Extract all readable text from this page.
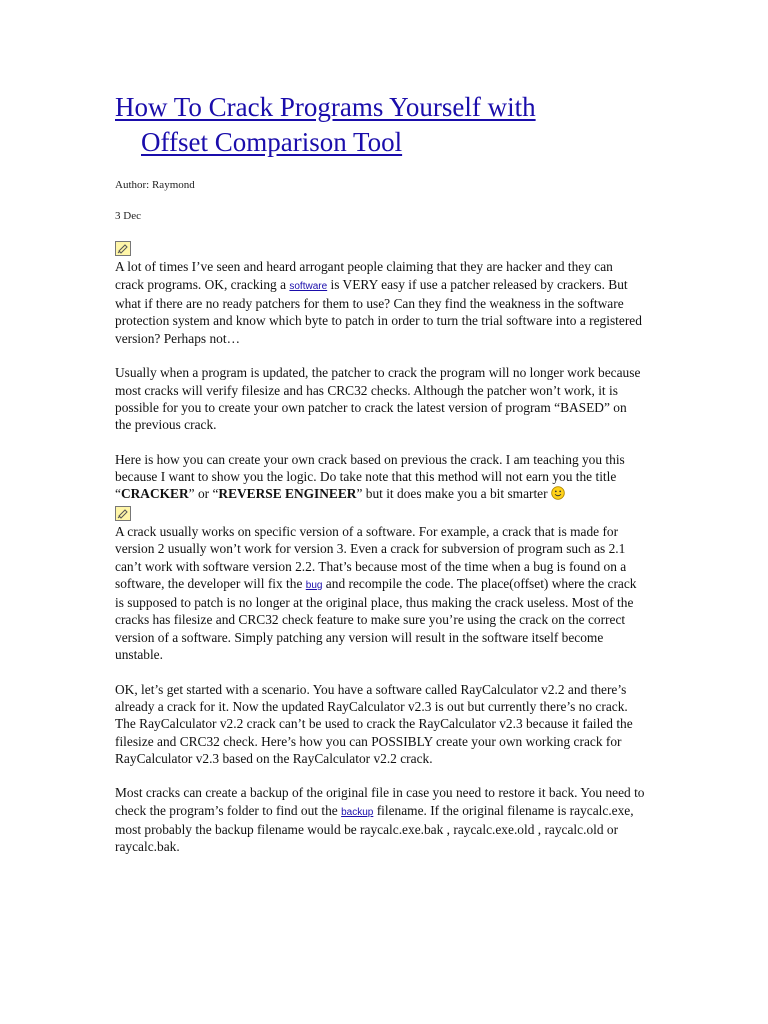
How To Crack Programs Yourself with
Offset Comparison Tool
Author: Raymond
3 Dec

A lot of times I’ve seen and heard arrogant people claiming that they are hacker and they can crack programs. OK, cracking a software is VERY easy if use a patcher released by crackers. But what if there are no ready patchers for them to use? Can they find the weakness in the software protection system and know which byte to patch in order to turn the trial software into a registered version? Perhaps not…

Usually when a program is updated, the patcher to crack the program will no longer work because most cracks will verify filesize and has CRC32 checks. Although the patcher won’t work, it is possible for you to create your own patcher to crack the latest version of program “BASED” on the previous crack.

Here is how you can create your own crack based on previous the crack. I am teaching you this because I want to show you the logic. Do take note that this method will not earn you the title “CRACKER” or “REVERSE ENGINEER” but it does make you a bit smarter

A crack usually works on specific version of a software. For example, a crack that is made for version 2 usually won’t work for version 3. Even a crack for subversion of program such as 2.1 can’t work with software version 2.2. That’s because most of the time when a bug is found on a software, the developer will fix the bug and recompile the code. The place(offset) where the crack is supposed to patch is no longer at the original place, thus making the crack useless. Most of the cracks has filesize and CRC32 check feature to make sure you’re using the crack on the correct version of a software. Simply patching any version will result in the software itself become unstable.

OK, let’s get started with a scenario. You have a software called RayCalculator v2.2 and there’s already a crack for it. Now the updated RayCalculator v2.3 is out but currently there’s no crack. The RayCalculator v2.2 crack can’t be used to crack the RayCalculator v2.3 because it failed the filesize and CRC32 check. Here’s how you can POSSIBLY create your own working crack for RayCalculator v2.3 based on the RayCalculator v2.2 crack.

Most cracks can create a backup of the original file in case you need to restore it back. You need to check the program’s folder to find out the backup filename. If the original filename is raycalc.exe, most probably the backup filename would be raycalc.exe.bak , raycalc.exe.old , raycalc.old or raycalc.bak.
